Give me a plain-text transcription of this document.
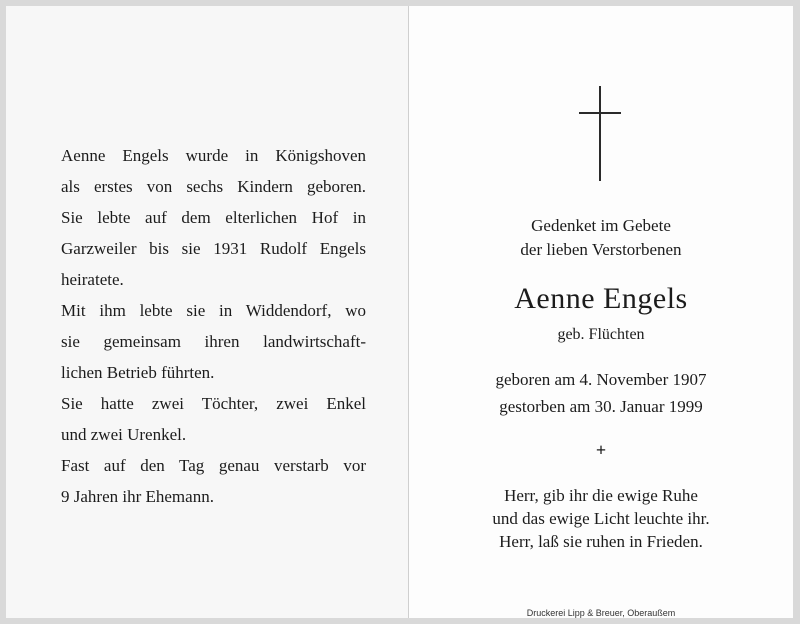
Aenne Engels wurde in Königshoven
als erstes von sechs Kindern geboren.
Sie lebte auf dem elterlichen Hof in
Garzweiler bis sie 1931 Rudolf Engels
heiratete.
Mit ihm lebte sie in Widdendorf, wo
sie gemeinsam ihren landwirtschaft-
lichen Betrieb führten.
Sie hatte zwei Töchter, zwei Enkel
und zwei Urenkel.
Fast auf den Tag genau verstarb vor
9 Jahren ihr Ehemann.
Gedenket im Gebete
der lieben Verstorbenen
Aenne Engels
geb. Flüchten
geboren am 4. November 1907
gestorben am 30. Januar 1999
+
Herr, gib ihr die ewige Ruhe
und das ewige Licht leuchte ihr.
Herr, laß sie ruhen in Frieden.
Druckerei Lipp & Breuer, Oberaußem
